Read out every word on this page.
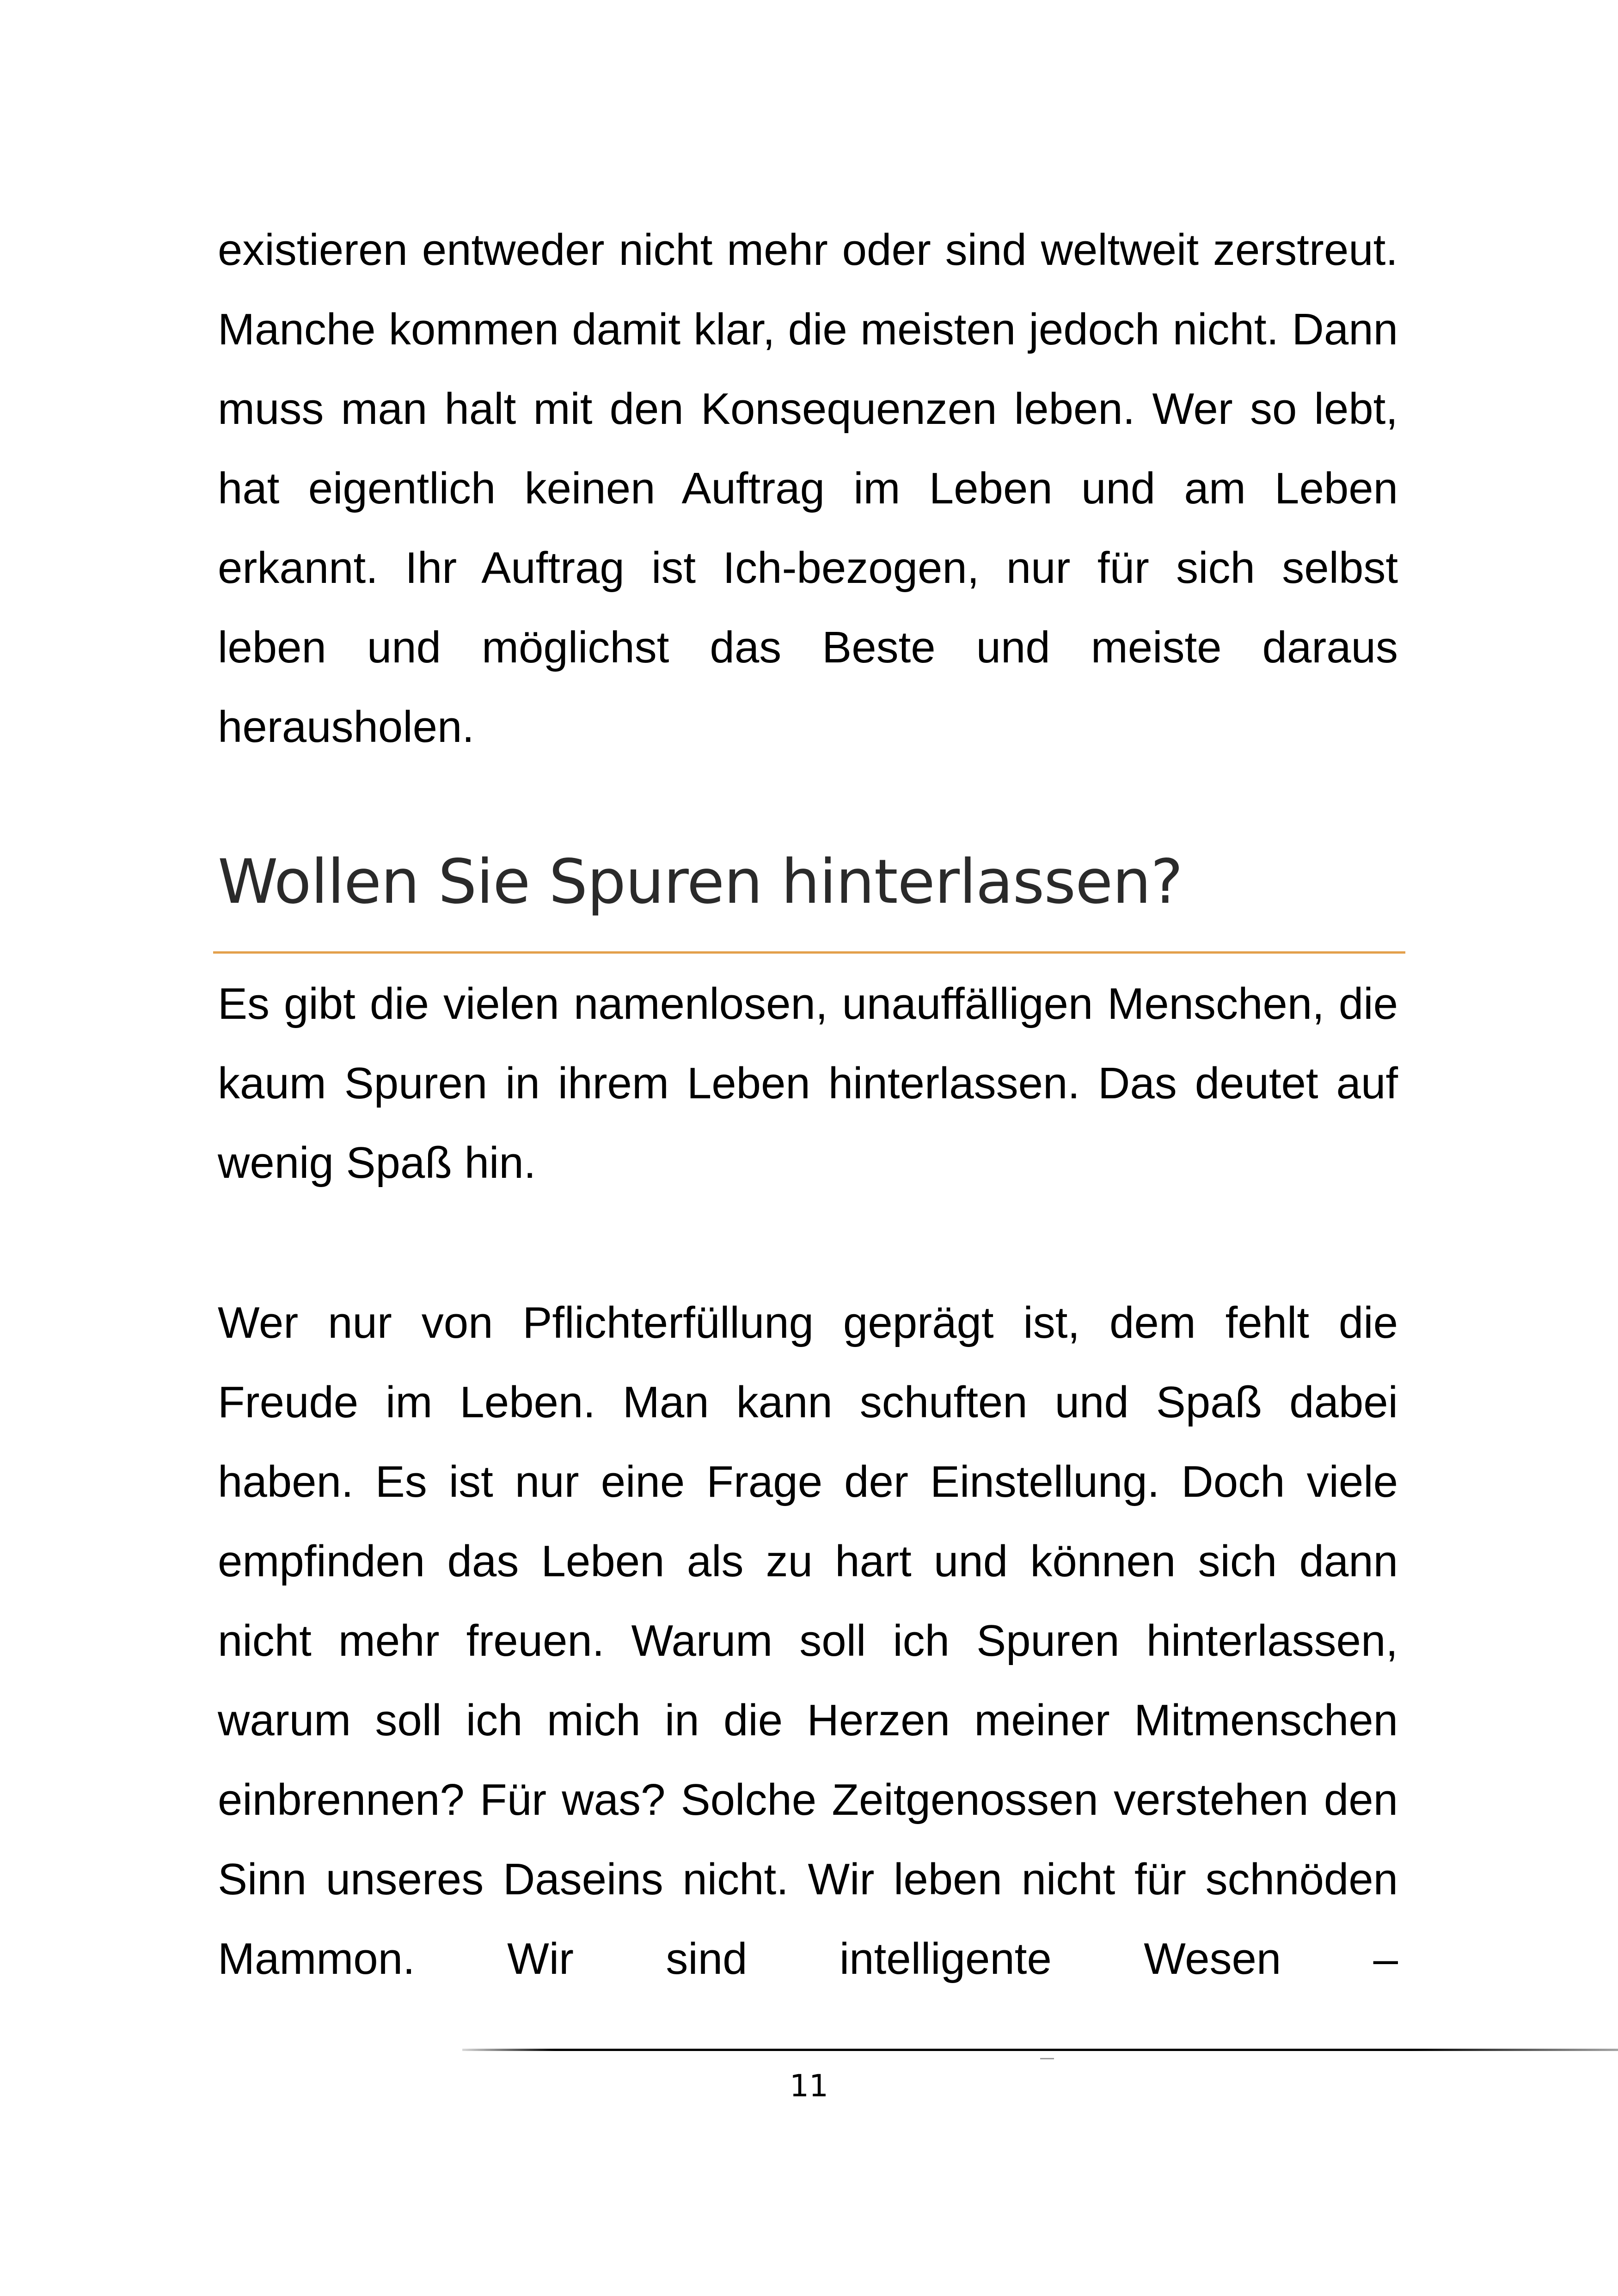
existieren entweder nicht mehr oder sind weltweit zerstreut. Manche kommen damit klar, die meisten jedoch nicht. Dann muss man halt mit den Konsequenzen leben. Wer so lebt, hat eigentlich keinen Auftrag im Leben und am Leben erkannt. Ihr Auftrag ist Ich-bezogen, nur für sich selbst leben und möglichst das Beste und meiste daraus herausholen.

Wollen Sie Spuren hinterlassen?

Es gibt die vielen namenlosen, unauffälligen Menschen, die kaum Spuren in ihrem Leben hinterlassen. Das deutet auf wenig Spaß hin.

Wer nur von Pflichterfüllung geprägt ist, dem fehlt die Freude im Leben. Man kann schuften und Spaß dabei haben. Es ist nur eine Frage der Einstellung. Doch viele empfinden das Leben als zu hart und können sich dann nicht mehr freuen. Warum soll ich Spuren hinterlassen, warum soll ich mich in die Herzen meiner Mitmenschen einbrennen? Für was? Solche Zeitgenossen verstehen den Sinn unseres Daseins nicht. Wir leben nicht für schnöden Mammon. Wir sind intelligente Wesen –

11
